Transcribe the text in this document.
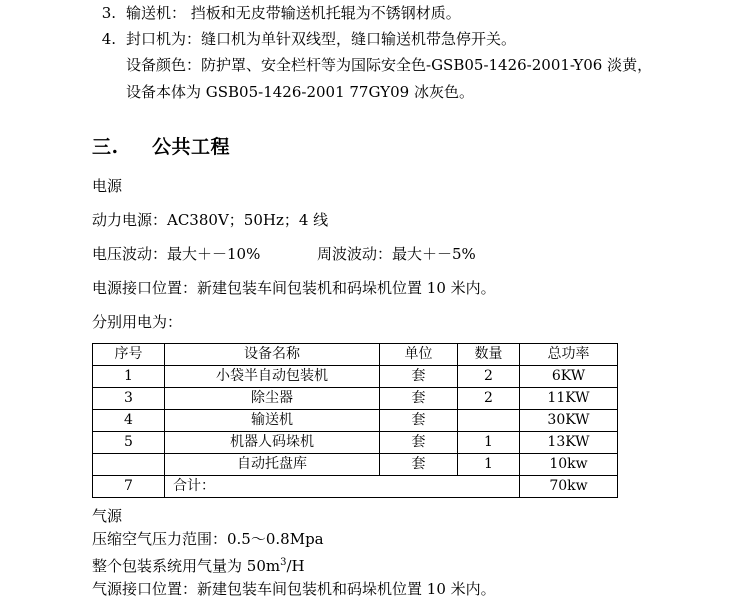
3. 输送机： 挡板和无皮带输送机托辊为不锈钢材质。
4. 封口机为：缝口机为单针双线型，缝口输送机带急停开关。

设备颜色：防护罩、安全栏杆等为国际安全色-GSB05-1426-2001-Y06 淡黄，

设备本体为 GSB05-1426-2001 77GY09 冰灰色。

三. 公共工程

电源

动力电源：AC380V；50Hz；4 线

电压波动：最大＋－10%	周波波动：最大＋－5%

电源接口位置：新建包装车间包装机和码垛机位置 10 米内。

分别用电为：

序号	设备名称	单位	数量	总功率
1	小袋半自动包装机	套	2	6KW
3	除尘器	套	2	11KW
4	输送机	套		30KW
5	机器人码垛机	套	1	13KW
	自动托盘库	套	1	10kw
7	合计：			70kw

气源

压缩空气压力范围：0.5～0.8Mpa

整个包装系统用气量为 $50m^3/H$

气源接口位置：新建包装车间包装机和码垛机位置 10 米内。
